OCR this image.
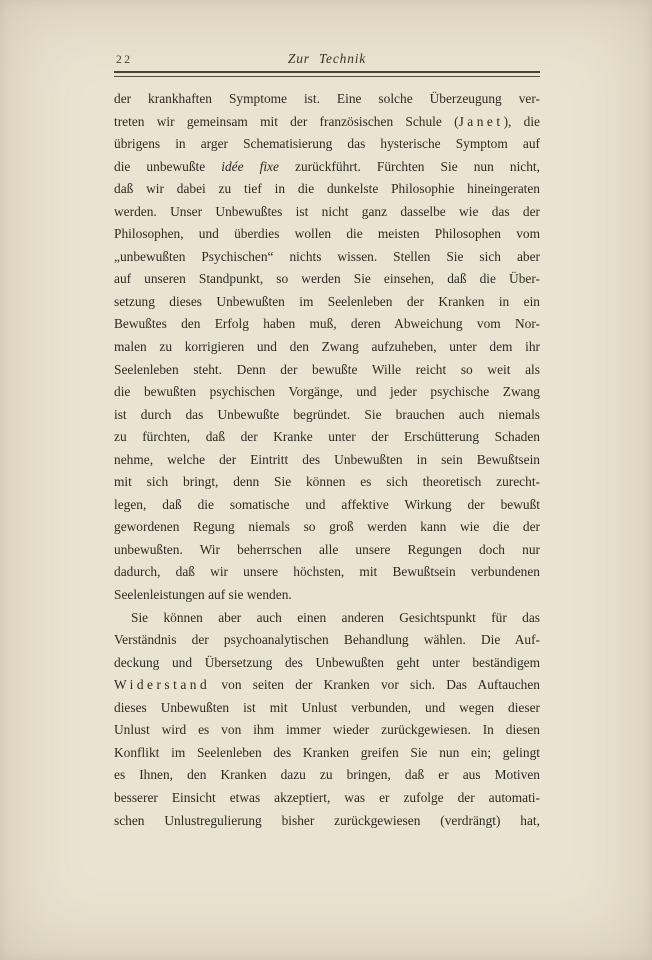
22	Zur Technik
der krankhaften Symptome ist. Eine solche Überzeugung ver-
treten wir gemeinsam mit der französischen Schule (Janet), die
übrigens in arger Schematisierung das hysterische Symptom auf
die unbewußte idée fixe zurückführt. Fürchten Sie nun nicht,
daß wir dabei zu tief in die dunkelste Philosophie hineingeraten
werden. Unser Unbewußtes ist nicht ganz dasselbe wie das der
Philosophen, und überdies wollen die meisten Philosophen vom
„unbewußten Psychischen“ nichts wissen. Stellen Sie sich aber
auf unseren Standpunkt, so werden Sie einsehen, daß die Über-
setzung dieses Unbewußten im Seelenleben der Kranken in ein
Bewußtes den Erfolg haben muß, deren Abweichung vom Nor-
malen zu korrigieren und den Zwang aufzuheben, unter dem ihr
Seelenleben steht. Denn der bewußte Wille reicht so weit als
die bewußten psychischen Vorgänge, und jeder psychische Zwang
ist durch das Unbewußte begründet. Sie brauchen auch niemals
zu fürchten, daß der Kranke unter der Erschütterung Schaden
nehme, welche der Eintritt des Unbewußten in sein Bewußtsein
mit sich bringt, denn Sie können es sich theoretisch zurecht-
legen, daß die somatische und affektive Wirkung der bewußt
gewordenen Regung niemals so groß werden kann wie die der
unbewußten. Wir beherrschen alle unsere Regungen doch nur
dadurch, daß wir unsere höchsten, mit Bewußtsein verbundenen
Seelenleistungen auf sie wenden.
Sie können aber auch einen anderen Gesichtspunkt für das
Verständnis der psychoanalytischen Behandlung wählen. Die Auf-
deckung und Übersetzung des Unbewußten geht unter beständigem
Widerstand von seiten der Kranken vor sich. Das Auftauchen
dieses Unbewußten ist mit Unlust verbunden, und wegen dieser
Unlust wird es von ihm immer wieder zurückgewiesen. In diesen
Konflikt im Seelenleben des Kranken greifen Sie nun ein; gelingt
es Ihnen, den Kranken dazu zu bringen, daß er aus Motiven
besserer Einsicht etwas akzeptiert, was er zufolge der automati-
schen Unlustregulierung bisher zurückgewiesen (verdrängt) hat,
